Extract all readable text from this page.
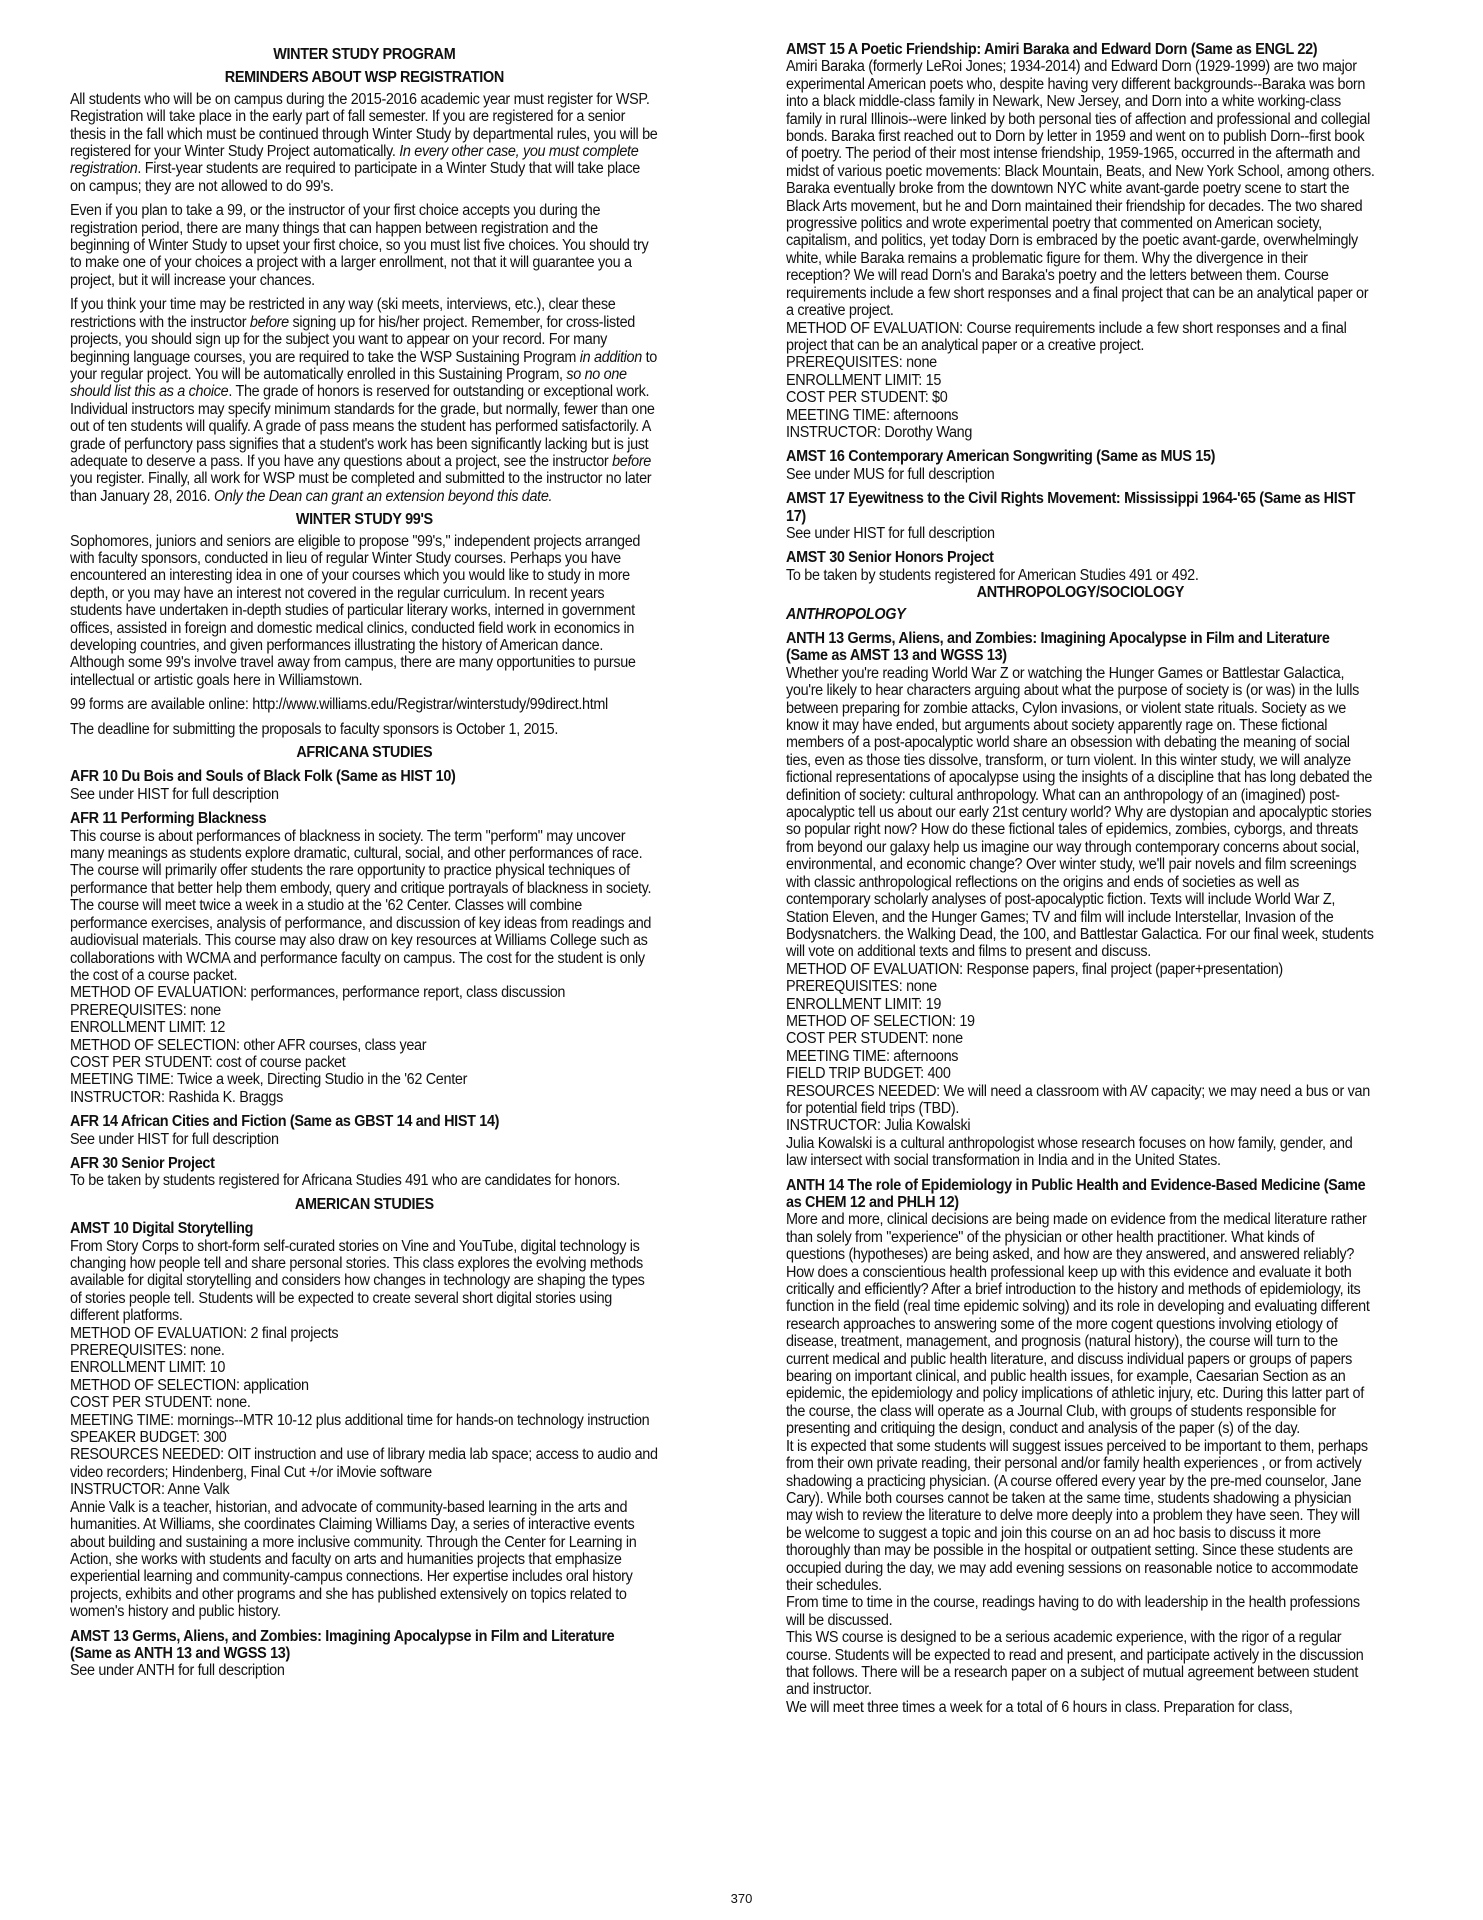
WINTER STUDY PROGRAM
REMINDERS ABOUT WSP REGISTRATION

All students who will be on campus during the 2015-2016 academic year must register for WSP. Registration will take place in the early part of fall semester. If you are registered for a senior thesis in the fall which must be continued through Winter Study by departmental rules, you will be registered for your Winter Study Project automatically. In every other case, you must complete registration. First-year students are required to participate in a Winter Study that will take place on campus; they are not allowed to do 99's.

Even if you plan to take a 99, or the instructor of your first choice accepts you during the registration period, there are many things that can happen between registration and the beginning of Winter Study to upset your first choice, so you must list five choices. You should try to make one of your choices a project with a larger enrollment, not that it will guarantee you a project, but it will increase your chances.

If you think your time may be restricted in any way (ski meets, interviews, etc.), clear these restrictions with the instructor before signing up for his/her project. Remember, for cross-listed projects, you should sign up for the subject you want to appear on your record. For many beginning language courses, you are required to take the WSP Sustaining Program in addition to your regular project. You will be automatically enrolled in this Sustaining Program, so no one should list this as a choice. The grade of honors is reserved for outstanding or exceptional work. Individual instructors may specify minimum standards for the grade, but normally, fewer than one out of ten students will qualify. A grade of pass means the student has performed satisfactorily. A grade of perfunctory pass signifies that a student's work has been significantly lacking but is just adequate to deserve a pass. If you have any questions about a project, see the instructor before you register. Finally, all work for WSP must be completed and submitted to the instructor no later than January 28, 2016. Only the Dean can grant an extension beyond this date.

WINTER STUDY 99'S

Sophomores, juniors and seniors are eligible to propose "99's," independent projects arranged with faculty sponsors, conducted in lieu of regular Winter Study courses. Perhaps you have encountered an interesting idea in one of your courses which you would like to study in more depth, or you may have an interest not covered in the regular curriculum. In recent years students have undertaken in-depth studies of particular literary works, interned in government offices, assisted in foreign and domestic medical clinics, conducted field work in economics in developing countries, and given performances illustrating the history of American dance. Although some 99's involve travel away from campus, there are many opportunities to pursue intellectual or artistic goals here in Williamstown.

99 forms are available online: http://www.williams.edu/Registrar/winterstudy/99direct.html

The deadline for submitting the proposals to faculty sponsors is October 1, 2015.

AFRICANA STUDIES
AFR 10 Du Bois and Souls of Black Folk (Same as HIST 10)
See under HIST for full description
AFR 11 Performing Blackness
This course is about performances of blackness in society. The term "perform" may uncover many meanings as students explore dramatic, cultural, social, and other performances of race. The course will primarily offer students the rare opportunity to practice physical techniques of performance that better help them embody, query and critique portrayals of blackness in society. The course will meet twice a week in a studio at the '62 Center. Classes will combine performance exercises, analysis of performance, and discussion of key ideas from readings and audiovisual materials. This course may also draw on key resources at Williams College such as collaborations with WCMA and performance faculty on campus. The cost for the student is only the cost of a course packet.
METHOD OF EVALUATION: performances, performance report, class discussion
PREREQUISITES: none
ENROLLMENT LIMIT: 12
METHOD OF SELECTION: other AFR courses, class year
COST PER STUDENT: cost of course packet
MEETING TIME: Twice a week, Directing Studio in the '62 Center
INSTRUCTOR: Rashida K. Braggs
AFR 14 African Cities and Fiction (Same as GBST 14 and HIST 14)
See under HIST for full description
AFR 30 Senior Project
To be taken by students registered for Africana Studies 491 who are candidates for honors.
AMERICAN STUDIES
AMST 10 Digital Storytelling
From Story Corps to short-form self-curated stories on Vine and YouTube, digital technology is changing how people tell and share personal stories. This class explores the evolving methods available for digital storytelling and considers how changes in technology are shaping the types of stories people tell. Students will be expected to create several short digital stories using different platforms.
METHOD OF EVALUATION: 2 final projects
PREREQUISITES: none.
ENROLLMENT LIMIT: 10
METHOD OF SELECTION: application
COST PER STUDENT: none.
MEETING TIME: mornings--MTR 10-12 plus additional time for hands-on technology instruction
SPEAKER BUDGET: 300
RESOURCES NEEDED: OIT instruction and use of library media lab space; access to audio and video recorders; Hindenberg, Final Cut +/or iMovie software
INSTRUCTOR: Anne Valk

Annie Valk is a teacher, historian, and advocate of community-based learning in the arts and humanities. At Williams, she coordinates Claiming Williams Day, a series of interactive events about building and sustaining a more inclusive community. Through the Center for Learning in Action, she works with students and faculty on arts and humanities projects that emphasize experiential learning and community-campus connections. Her expertise includes oral history projects, exhibits and other programs and she has published extensively on topics related to women's history and public history.

AMST 13 Germs, Aliens, and Zombies: Imagining Apocalypse in Film and Literature (Same as ANTH 13 and WGSS 13)
See under ANTH for full description
AMST 15 A Poetic Friendship: Amiri Baraka and Edward Dorn (Same as ENGL 22)
Amiri Baraka (formerly LeRoi Jones; 1934-2014) and Edward Dorn (1929-1999) are two major experimental American poets who, despite having very different backgrounds--Baraka was born into a black middle-class family in Newark, New Jersey, and Dorn into a white working-class family in rural Illinois--were linked by both personal ties of affection and professional and collegial bonds. Baraka first reached out to Dorn by letter in 1959 and went on to publish Dorn--first book of poetry. The period of their most intense friendship, 1959-1965, occurred in the aftermath and midst of various poetic movements: Black Mountain, Beats, and New York School, among others. Baraka eventually broke from the downtown NYC white avant-garde poetry scene to start the Black Arts movement, but he and Dorn maintained their friendship for decades. The two shared progressive politics and wrote experimental poetry that commented on American society, capitalism, and politics, yet today Dorn is embraced by the poetic avant-garde, overwhelmingly white, while Baraka remains a problematic figure for them. Why the divergence in their reception? We will read Dorn's and Baraka's poetry and the letters between them. Course requirements include a few short responses and a final project that can be an analytical paper or a creative project.
METHOD OF EVALUATION: Course requirements include a few short responses and a final project that can be an analytical paper or a creative project.
PREREQUISITES: none
ENROLLMENT LIMIT: 15
COST PER STUDENT: $0
MEETING TIME: afternoons
INSTRUCTOR: Dorothy Wang
AMST 16 Contemporary American Songwriting (Same as MUS 15)
See under MUS for full description
AMST 17 Eyewitness to the Civil Rights Movement: Mississippi 1964-'65 (Same as HIST 17)
See under HIST for full description
AMST 30 Senior Honors Project
To be taken by students registered for American Studies 491 or 492.
ANTHROPOLOGY/SOCIOLOGY
ANTHROPOLOGY
ANTH 13 Germs, Aliens, and Zombies: Imagining Apocalypse in Film and Literature (Same as AMST 13 and WGSS 13)
Whether you're reading World War Z or watching the Hunger Games or Battlestar Galactica, you're likely to hear characters arguing about what the purpose of society is (or was) in the lulls between preparing for zombie attacks, Cylon invasions, or violent state rituals. Society as we know it may have ended, but arguments about society apparently rage on. These fictional members of a post-apocalyptic world share an obsession with debating the meaning of social ties, even as those ties dissolve, transform, or turn violent. In this winter study, we will analyze fictional representations of apocalypse using the insights of a discipline that has long debated the definition of society: cultural anthropology. What can an anthropology of an (imagined) post-apocalyptic tell us about our early 21st century world? Why are dystopian and apocalyptic stories so popular right now? How do these fictional tales of epidemics, zombies, cyborgs, and threats from beyond our galaxy help us imagine our way through contemporary concerns about social, environmental, and economic change? Over winter study, we'll pair novels and film screenings with classic anthropological reflections on the origins and ends of societies as well as contemporary scholarly analyses of post-apocalyptic fiction. Texts will include World War Z, Station Eleven, and the Hunger Games; TV and film will include Interstellar, Invasion of the Bodysnatchers. the Walking Dead, the 100, and Battlestar Galactica. For our final week, students will vote on additional texts and films to present and discuss.
METHOD OF EVALUATION: Response papers, final project (paper+presentation)
PREREQUISITES: none
ENROLLMENT LIMIT: 19
METHOD OF SELECTION: 19
COST PER STUDENT: none
MEETING TIME: afternoons
FIELD TRIP BUDGET: 400
RESOURCES NEEDED: We will need a classroom with AV capacity; we may need a bus or van for potential field trips (TBD).
INSTRUCTOR: Julia Kowalski

Julia Kowalski is a cultural anthropologist whose research focuses on how family, gender, and law intersect with social transformation in India and in the United States.

ANTH 14 The role of Epidemiology in Public Health and Evidence-Based Medicine (Same as CHEM 12 and PHLH 12)
More and more, clinical decisions are being made on evidence from the medical literature rather than solely from "experience" of the physician or other health practitioner. What kinds of questions (hypotheses) are being asked, and how are they answered, and answered reliably? How does a conscientious health professional keep up with this evidence and evaluate it both critically and efficiently? After a brief introduction to the history and methods of epidemiology, its function in the field (real time epidemic solving) and its role in developing and evaluating different research approaches to answering some of the more cogent questions involving etiology of disease, treatment, management, and prognosis (natural history), the course will turn to the current medical and public health literature, and discuss individual papers or groups of papers bearing on important clinical, and public health issues, for example, Caesarian Section as an epidemic, the epidemiology and policy implications of athletic injury, etc. During this latter part of the course, the class will operate as a Journal Club, with groups of students responsible for presenting and critiquing the design, conduct and analysis of the paper (s) of the day.
It is expected that some students will suggest issues perceived to be important to them, perhaps from their own private reading, their personal and/or family health experiences , or from actively shadowing a practicing physician. (A course offered every year by the pre-med counselor, Jane Cary). While both courses cannot be taken at the same time, students shadowing a physician may wish to review the literature to delve more deeply into a problem they have seen. They will be welcome to suggest a topic and join this course on an ad hoc basis to discuss it more thoroughly than may be possible in the hospital or outpatient setting. Since these students are occupied during the day, we may add evening sessions on reasonable notice to accommodate their schedules.
From time to time in the course, readings having to do with leadership in the health professions will be discussed.
This WS course is designed to be a serious academic experience, with the rigor of a regular course. Students will be expected to read and present, and participate actively in the discussion that follows. There will be a research paper on a subject of mutual agreement between student and instructor.
We will meet three times a week for a total of 6 hours in class. Preparation for class,
370
